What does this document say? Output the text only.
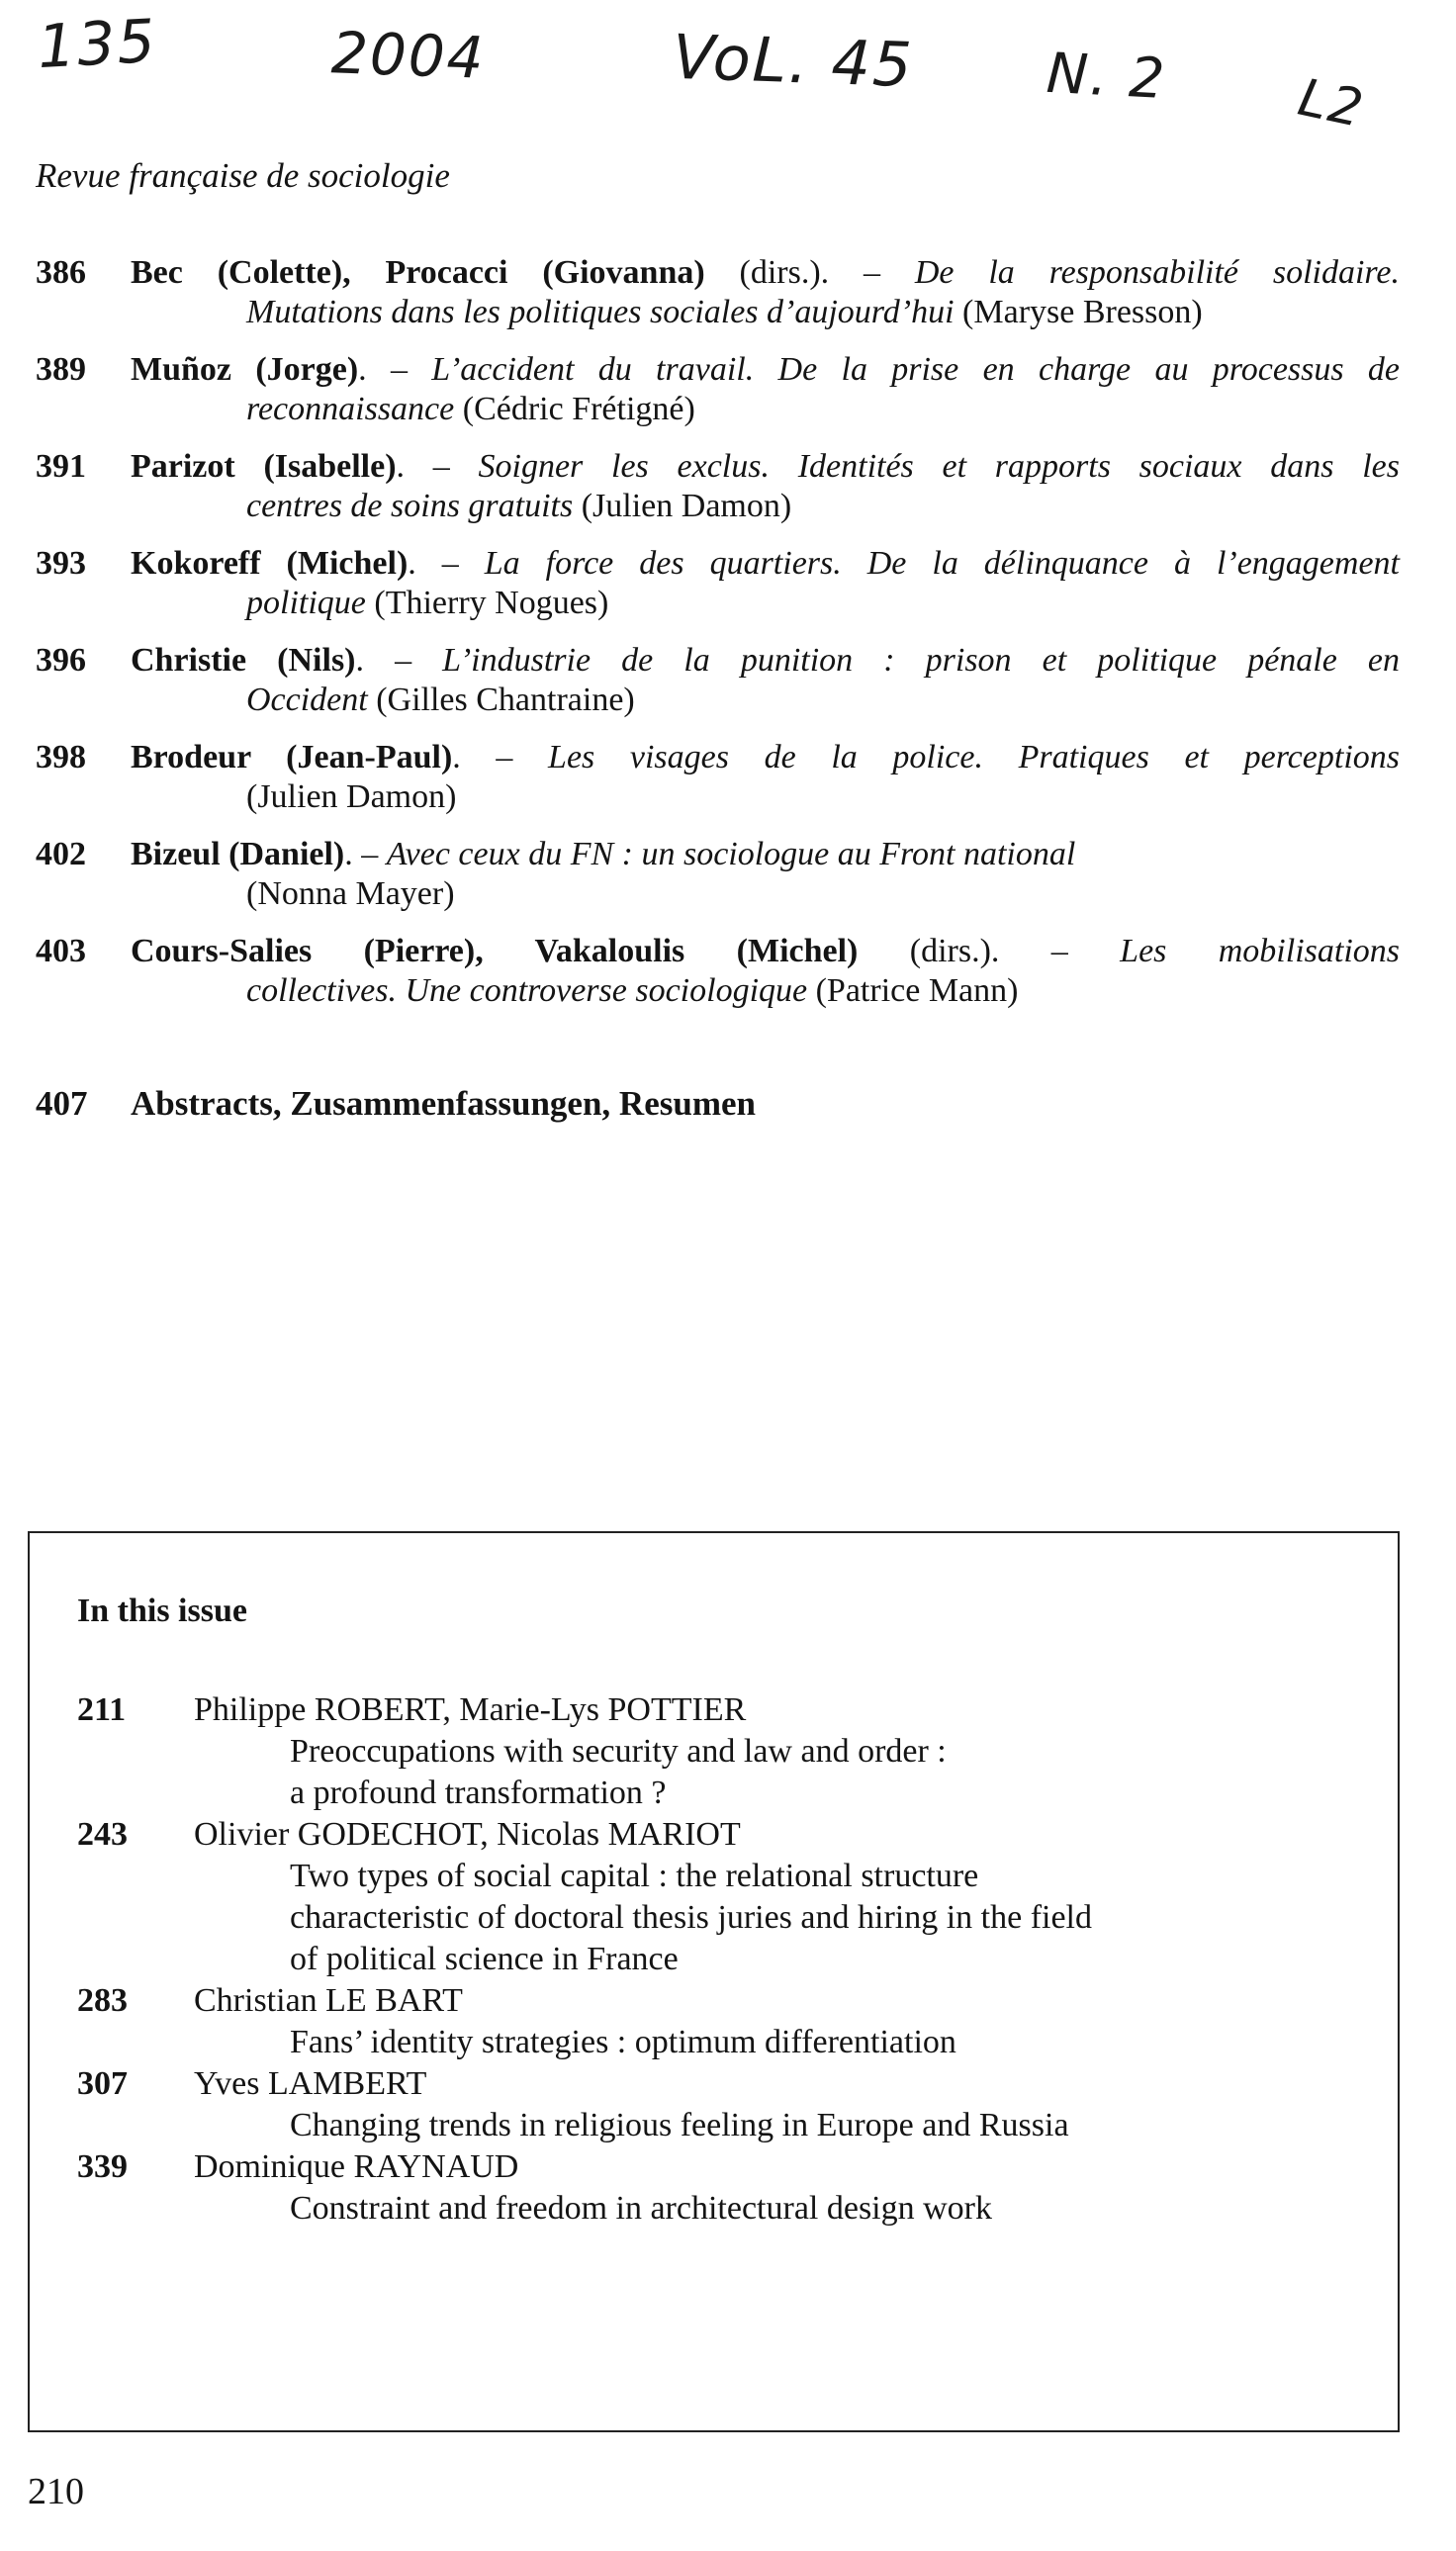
135	2004	VoL. 45 N. 2 L2
Revue française de sociologie
386	Bec (Colette), Procacci (Giovanna) (dirs.). – De la responsabilité solidaire.
Mutations dans les politiques sociales d’aujourd’hui (Maryse Bresson)
389	Muñoz (Jorge). – L’accident du travail. De la prise en charge au processus de
reconnaissance (Cédric Frétigné)
391	Parizot (Isabelle). – Soigner les exclus. Identités et rapports sociaux dans les
centres de soins gratuits (Julien Damon)
393	Kokoreff (Michel). – La force des quartiers. De la délinquance à l’engagement
politique (Thierry Nogues)
396	Christie (Nils). – L’industrie de la punition : prison et politique pénale en
Occident (Gilles Chantraine)
398	Brodeur (Jean-Paul). – Les visages de la police. Pratiques et perceptions
(Julien Damon)
402	Bizeul (Daniel). – Avec ceux du FN : un sociologue au Front national
(Nonna Mayer)
403	Cours-Salies (Pierre), Vakaloulis (Michel) (dirs.). – Les mobilisations
collectives. Une controverse sociologique (Patrice Mann)
407 Abstracts, Zusammenfassungen, Resumen
In this issue
211 Philippe ROBERT, Marie-Lys POTTIER
Preoccupations with security and law and order :
a profound transformation ?
243 Olivier GODECHOT, Nicolas MARIOT
Two types of social capital : the relational structure
characteristic of doctoral thesis juries and hiring in the field
of political science in France
283 Christian LE BART
Fans’ identity strategies : optimum differentiation
307 Yves LAMBERT
Changing trends in religious feeling in Europe and Russia
339 Dominique RAYNAUD
Constraint and freedom in architectural design work
210
